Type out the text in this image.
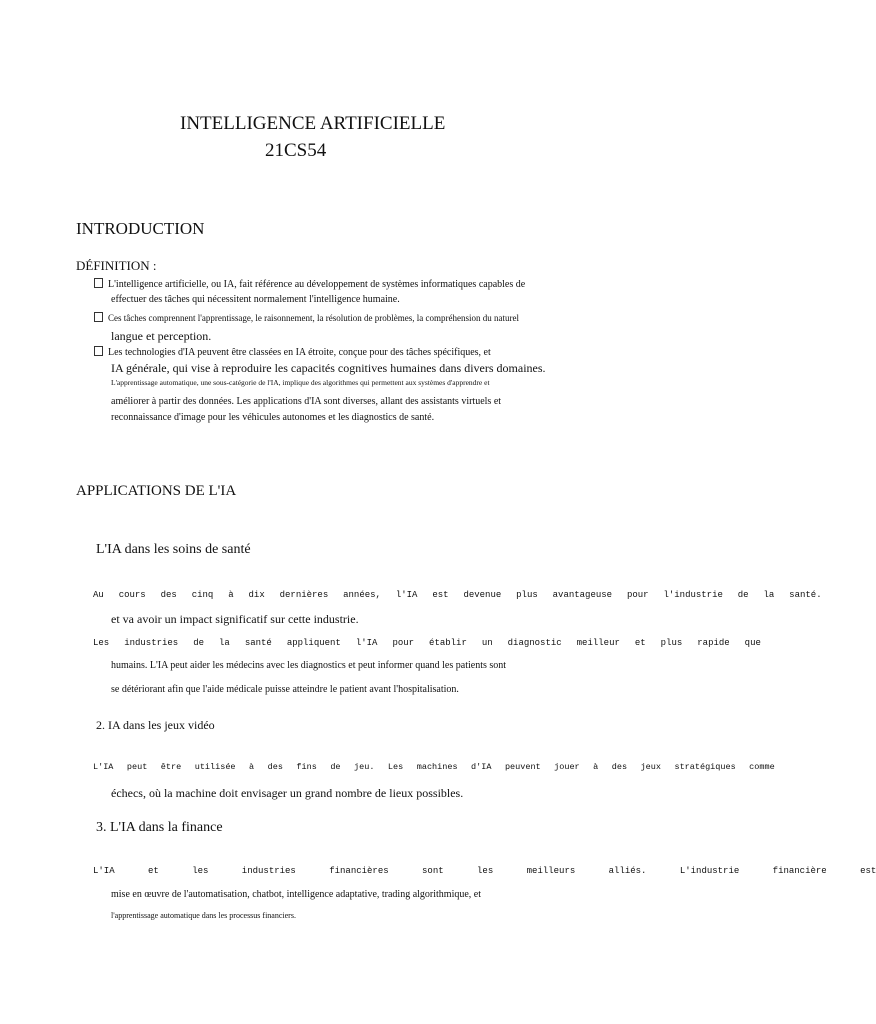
INTELLIGENCE ARTIFICIELLE
21CS54
INTRODUCTION
DÉFINITION :
L'intelligence artificielle, ou IA, fait référence au développement de systèmes informatiques capables de
effectuer des tâches qui nécessitent normalement l'intelligence humaine.
Ces tâches comprennent l'apprentissage, le raisonnement, la résolution de problèmes, la compréhension du naturel
langue et perception.
Les technologies d'IA peuvent être classées en IA étroite, conçue pour des tâches spécifiques, et
IA générale, qui vise à reproduire les capacités cognitives humaines dans divers domaines.
L'apprentissage automatique, une sous-catégorie de l'IA, implique des algorithmes qui permettent aux systèmes d'apprendre et
améliorer à partir des données. Les applications d'IA sont diverses, allant des assistants virtuels et
reconnaissance d'image pour les véhicules autonomes et les diagnostics de santé.
APPLICATIONS DE L'IA
L'IA dans les soins de santé
Au cours des cinq à dix dernières années, l'IA est devenue plus avantageuse pour l'industrie de la santé.
et va avoir un impact significatif sur cette industrie.
Les industries de la santé appliquent l'IA pour établir un diagnostic meilleur et plus rapide que
humains. L'IA peut aider les médecins avec les diagnostics et peut informer quand les patients sont
se détériorant afin que l'aide médicale puisse atteindre le patient avant l'hospitalisation.
2. IA dans les jeux vidéo
L'IA peut être utilisée à des fins de jeu. Les machines d'IA peuvent jouer à des jeux stratégiques comme
échecs, où la machine doit envisager un grand nombre de lieux possibles.
3. L'IA dans la finance
L'IA et les industries financières sont les meilleurs alliés. L'industrie financière est
mise en œuvre de l'automatisation, chatbot, intelligence adaptative, trading algorithmique, et
l'apprentissage automatique dans les processus financiers.
